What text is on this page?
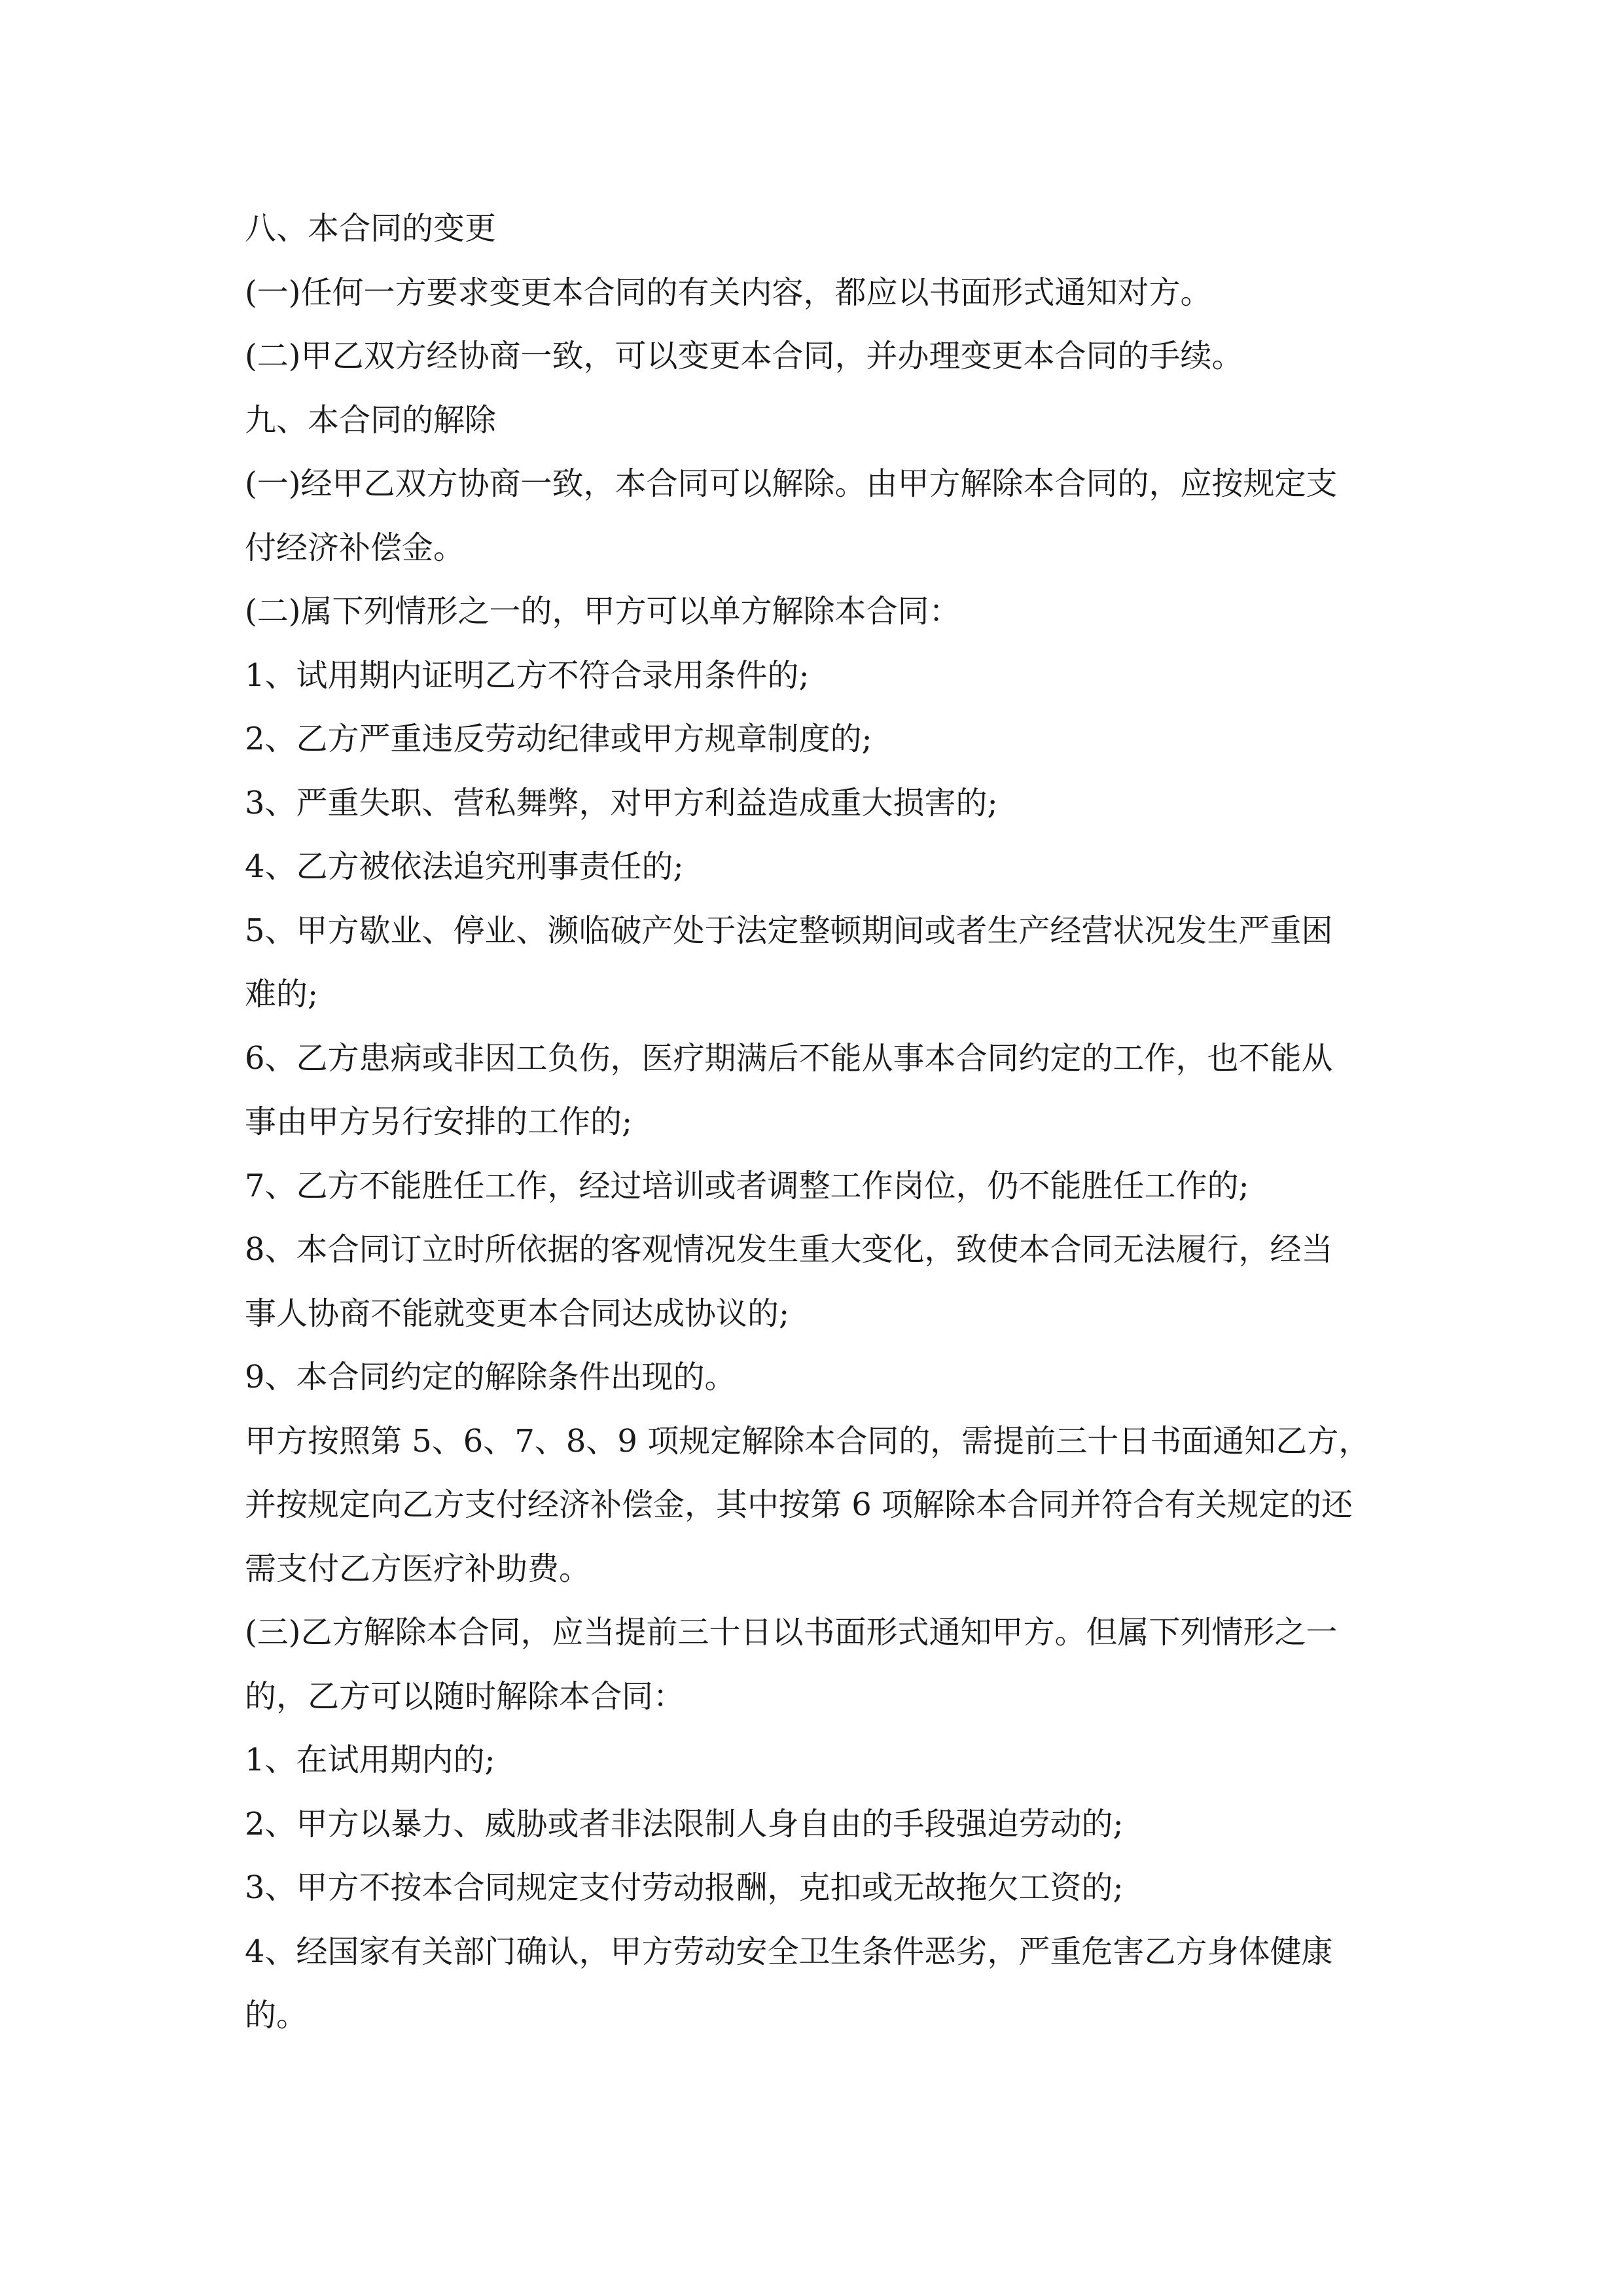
八、本合同的变更
(一)任何一方要求变更本合同的有关内容，都应以书面形式通知对方。
(二)甲乙双方经协商一致，可以变更本合同，并办理变更本合同的手续。
九、本合同的解除
(一)经甲乙双方协商一致，本合同可以解除。由甲方解除本合同的，应按规定支
付经济补偿金。
(二)属下列情形之一的，甲方可以单方解除本合同：
1、试用期内证明乙方不符合录用条件的;
2、乙方严重违反劳动纪律或甲方规章制度的;
3、严重失职、营私舞弊，对甲方利益造成重大损害的;
4、乙方被依法追究刑事责任的;
5、甲方歇业、停业、濒临破产处于法定整顿期间或者生产经营状况发生严重困
难的;
6、乙方患病或非因工负伤，医疗期满后不能从事本合同约定的工作，也不能从
事由甲方另行安排的工作的;
7、乙方不能胜任工作，经过培训或者调整工作岗位，仍不能胜任工作的;
8、本合同订立时所依据的客观情况发生重大变化，致使本合同无法履行，经当
事人协商不能就变更本合同达成协议的;
9、本合同约定的解除条件出现的。
甲方按照第 5、6、7、8、9 项规定解除本合同的，需提前三十日书面通知乙方，
并按规定向乙方支付经济补偿金，其中按第 6 项解除本合同并符合有关规定的还
需支付乙方医疗补助费。
(三)乙方解除本合同，应当提前三十日以书面形式通知甲方。但属下列情形之一
的，乙方可以随时解除本合同：
1、在试用期内的;
2、甲方以暴力、威胁或者非法限制人身自由的手段强迫劳动的;
3、甲方不按本合同规定支付劳动报酬，克扣或无故拖欠工资的;
4、经国家有关部门确认，甲方劳动安全卫生条件恶劣，严重危害乙方身体健康
的。
